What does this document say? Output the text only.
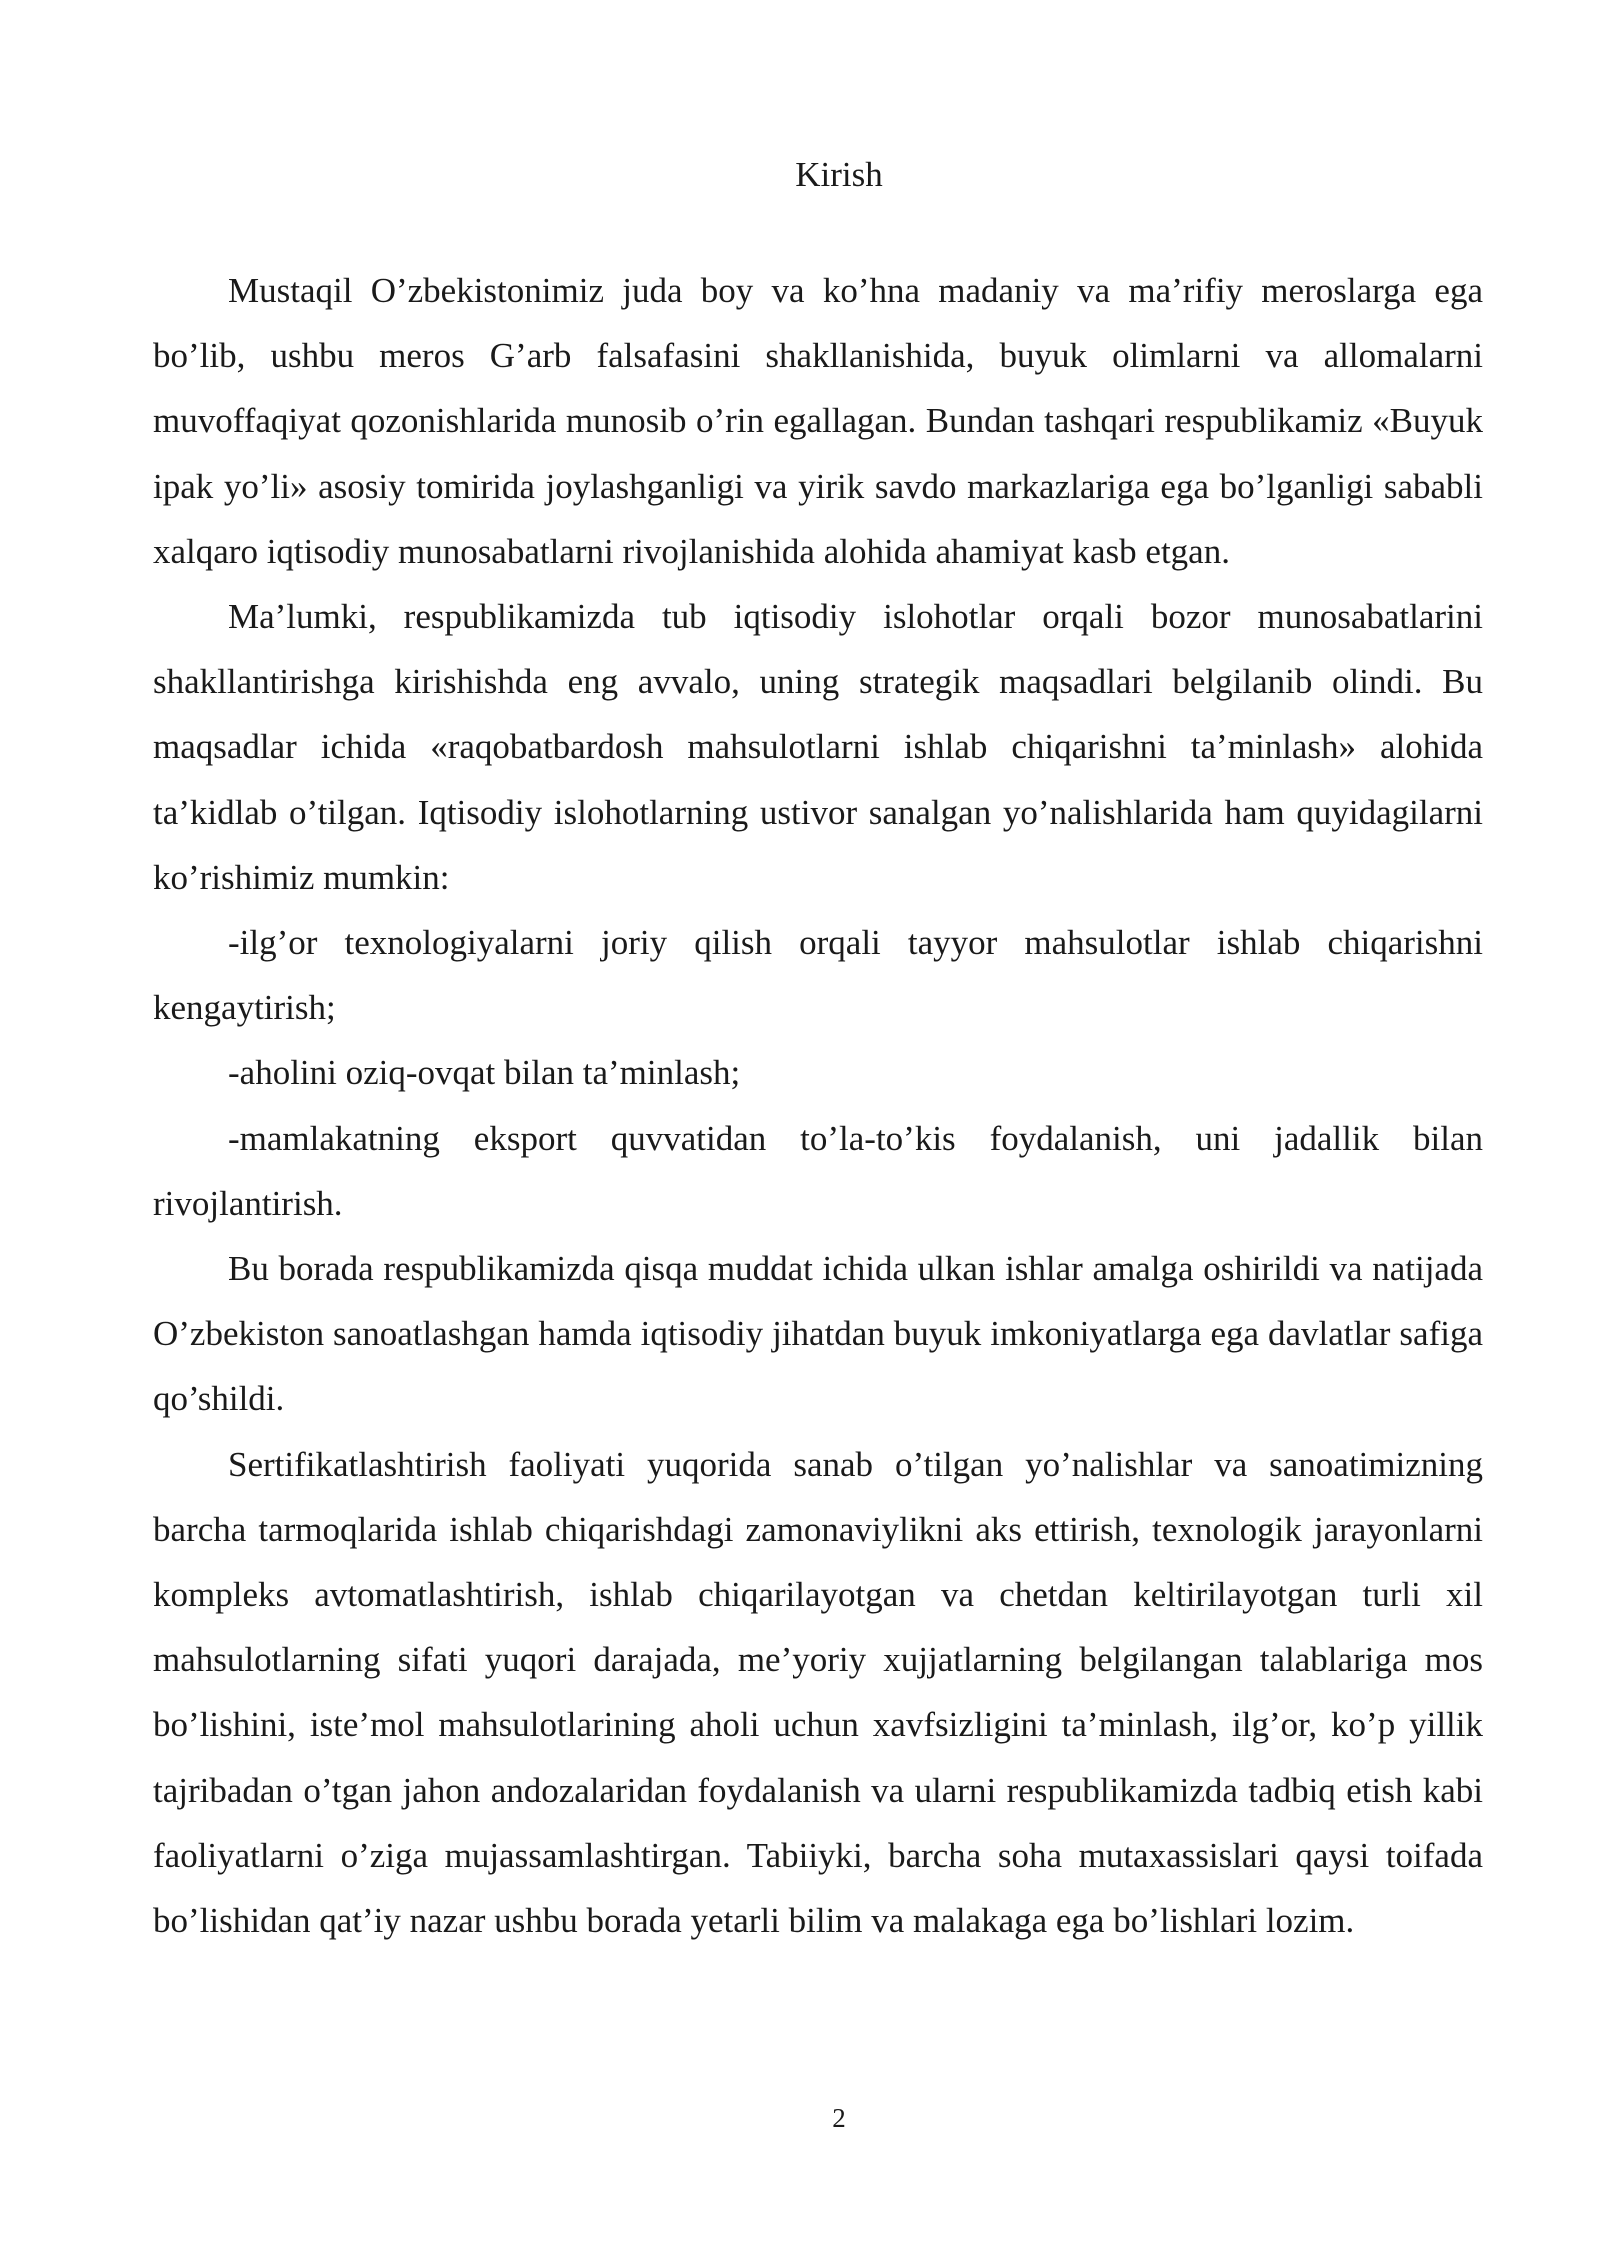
Kirish

Mustaqil O’zbekistonimiz juda boy va ko’hna madaniy va ma’rifiy meroslarga ega bo’lib, ushbu meros G’arb falsafasini shakllanishida, buyuk olimlarni va allomalarni muvoffaqiyat qozonishlarida munosib o’rin egallagan. Bundan tashqari respublikamiz «Buyuk ipak yo’li» asosiy tomirida joylashganligi va yirik savdo markazlariga ega bo’lganligi sababli xalqaro iqtisodiy munosabatlarni rivojlanishida alohida ahamiyat kasb etgan.

Ma’lumki, respublikamizda tub iqtisodiy islohotlar orqali bozor munosabatlarini shakllantirishga kirishishda eng avvalo, uning strategik maqsadlari belgilanib olindi. Bu maqsadlar ichida «raqobatbardosh mahsulotlarni ishlab chiqarishni ta’minlash» alohida ta’kidlab o’tilgan. Iqtisodiy islohotlarning ustivor sanalgan yo’nalishlarida ham quyidagilarni ko’rishimiz mumkin:

-ilg’or texnologiyalarni joriy qilish orqali tayyor mahsulotlar ishlab chiqarishni kengaytirish;

-aholini oziq-ovqat bilan ta’minlash;

-mamlakatning eksport quvvatidan to’la-to’kis foydalanish, uni jadallik bilan rivojlantirish.

Bu borada respublikamizda qisqa muddat ichida ulkan ishlar amalga oshirildi va natijada O’zbekiston sanoatlashgan hamda iqtisodiy jihatdan buyuk imkoniyatlarga ega davlatlar safiga qo’shildi.

Sertifikatlashtirish faoliyati yuqorida sanab o’tilgan yo’nalishlar va sanoatimizning barcha tarmoqlarida ishlab chiqarishdagi zamonaviylikni aks ettirish, texnologik jarayonlarni kompleks avtomatlashtirish, ishlab chiqarilayotgan va chetdan keltirilayotgan turli xil mahsulotlarning sifati yuqori darajada, me’yoriy xujjatlarning belgilangan talablariga mos bo’lishini, iste’mol mahsulotlarining aholi uchun xavfsizligini ta’minlash, ilg’or, ko’p yillik tajribadan o’tgan jahon andozalaridan foydalanish va ularni respublikamizda tadbiq etish kabi faoliyatlarni o’ziga mujassamlashtirgan. Tabiiyki, barcha soha mutaxassislari qaysi toifada bo’lishidan qat’iy nazar ushbu borada yetarli bilim va malakaga ega bo’lishlari lozim.

2
